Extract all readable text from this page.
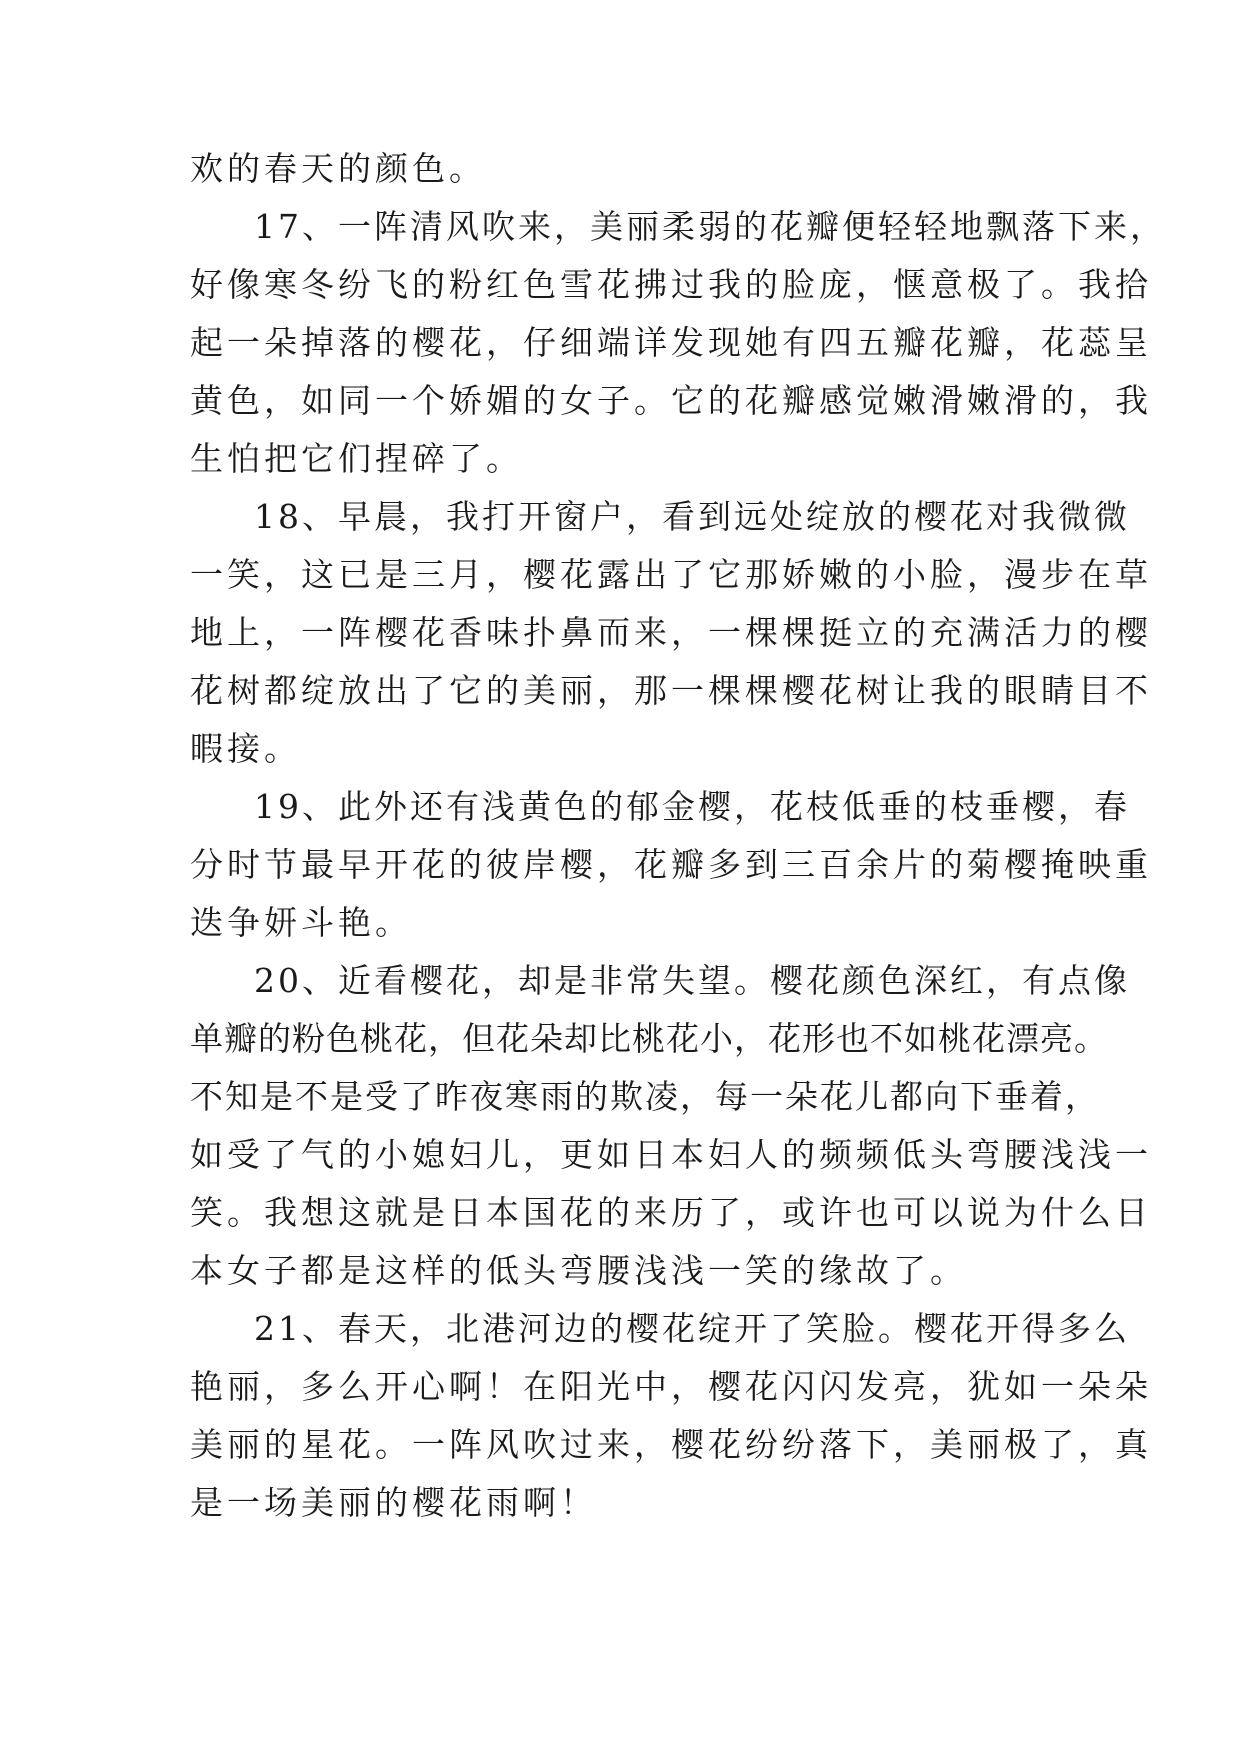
欢的春天的颜色。
17、一阵清风吹来，美丽柔弱的花瓣便轻轻地飘落下来，
好像寒冬纷飞的粉红色雪花拂过我的脸庞，惬意极了。我拾
起一朵掉落的樱花，仔细端详发现她有四五瓣花瓣，花蕊呈
黄色，如同一个娇媚的女子。它的花瓣感觉嫩滑嫩滑的，我
生怕把它们捏碎了。
18、早晨，我打开窗户，看到远处绽放的樱花对我微微
一笑，这已是三月，樱花露出了它那娇嫩的小脸，漫步在草
地上，一阵樱花香味扑鼻而来，一棵棵挺立的充满活力的樱
花树都绽放出了它的美丽，那一棵棵樱花树让我的眼睛目不
暇接。
19、此外还有浅黄色的郁金樱，花枝低垂的枝垂樱，春
分时节最早开花的彼岸樱，花瓣多到三百余片的菊樱掩映重
迭争妍斗艳。
20、近看樱花，却是非常失望。樱花颜色深红，有点像
单瓣的粉色桃花，但花朵却比桃花小，花形也不如桃花漂亮。
不知是不是受了昨夜寒雨的欺凌，每一朵花儿都向下垂着，
如受了气的小媳妇儿，更如日本妇人的频频低头弯腰浅浅一
笑。我想这就是日本国花的来历了，或许也可以说为什么日
本女子都是这样的低头弯腰浅浅一笑的缘故了。
21、春天，北港河边的樱花绽开了笑脸。樱花开得多么
艳丽，多么开心啊！在阳光中，樱花闪闪发亮，犹如一朵朵
美丽的星花。一阵风吹过来，樱花纷纷落下，美丽极了，真
是一场美丽的樱花雨啊！
